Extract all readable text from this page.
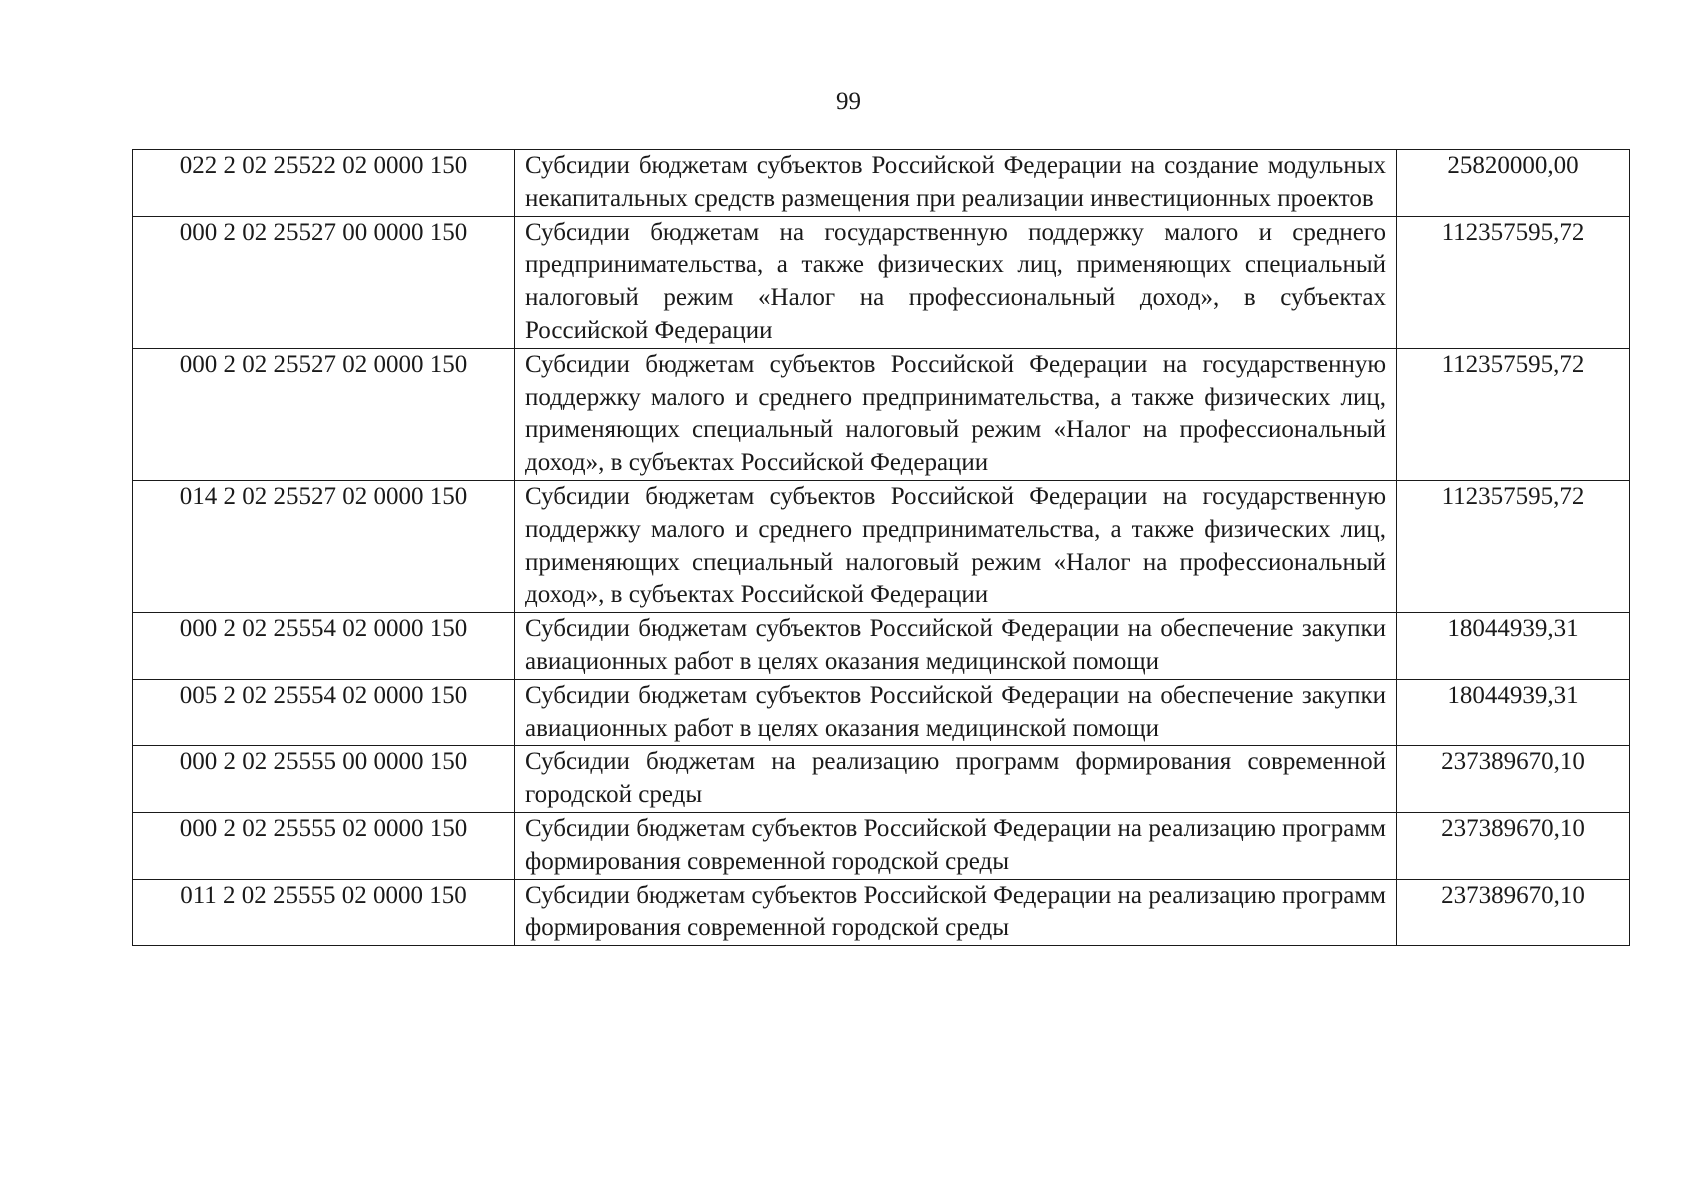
99
022 2 02 25522 02 0000 150	Субсидии бюджетам субъектов Российской Федерации на создание модульных некапитальных средств размещения при реализации инвестиционных проектов	25820000,00
000 2 02 25527 00 0000 150	Субсидии бюджетам на государственную поддержку малого и среднего предпринимательства, а также физических лиц, применяющих специальный налоговый режим «Налог на профессиональный доход», в субъектах Российской Федерации	112357595,72
000 2 02 25527 02 0000 150	Субсидии бюджетам субъектов Российской Федерации на государственную поддержку малого и среднего предпринимательства, а также физических лиц, применяющих специальный налоговый режим «Налог на профессиональный доход», в субъектах Российской Федерации	112357595,72
014 2 02 25527 02 0000 150	Субсидии бюджетам субъектов Российской Федерации на государственную поддержку малого и среднего предпринимательства, а также физических лиц, применяющих специальный налоговый режим «Налог на профессиональный доход», в субъектах Российской Федерации	112357595,72
000 2 02 25554 02 0000 150	Субсидии бюджетам субъектов Российской Федерации на обеспечение закупки авиационных работ в целях оказания медицинской помощи	18044939,31
005 2 02 25554 02 0000 150	Субсидии бюджетам субъектов Российской Федерации на обеспечение закупки авиационных работ в целях оказания медицинской помощи	18044939,31
000 2 02 25555 00 0000 150	Субсидии бюджетам на реализацию программ формирования современной городской среды	237389670,10
000 2 02 25555 02 0000 150	Субсидии бюджетам субъектов Российской Федерации на реализацию программ формирования современной городской среды	237389670,10
011 2 02 25555 02 0000 150	Субсидии бюджетам субъектов Российской Федерации на реализацию программ формирования современной городской среды	237389670,10
